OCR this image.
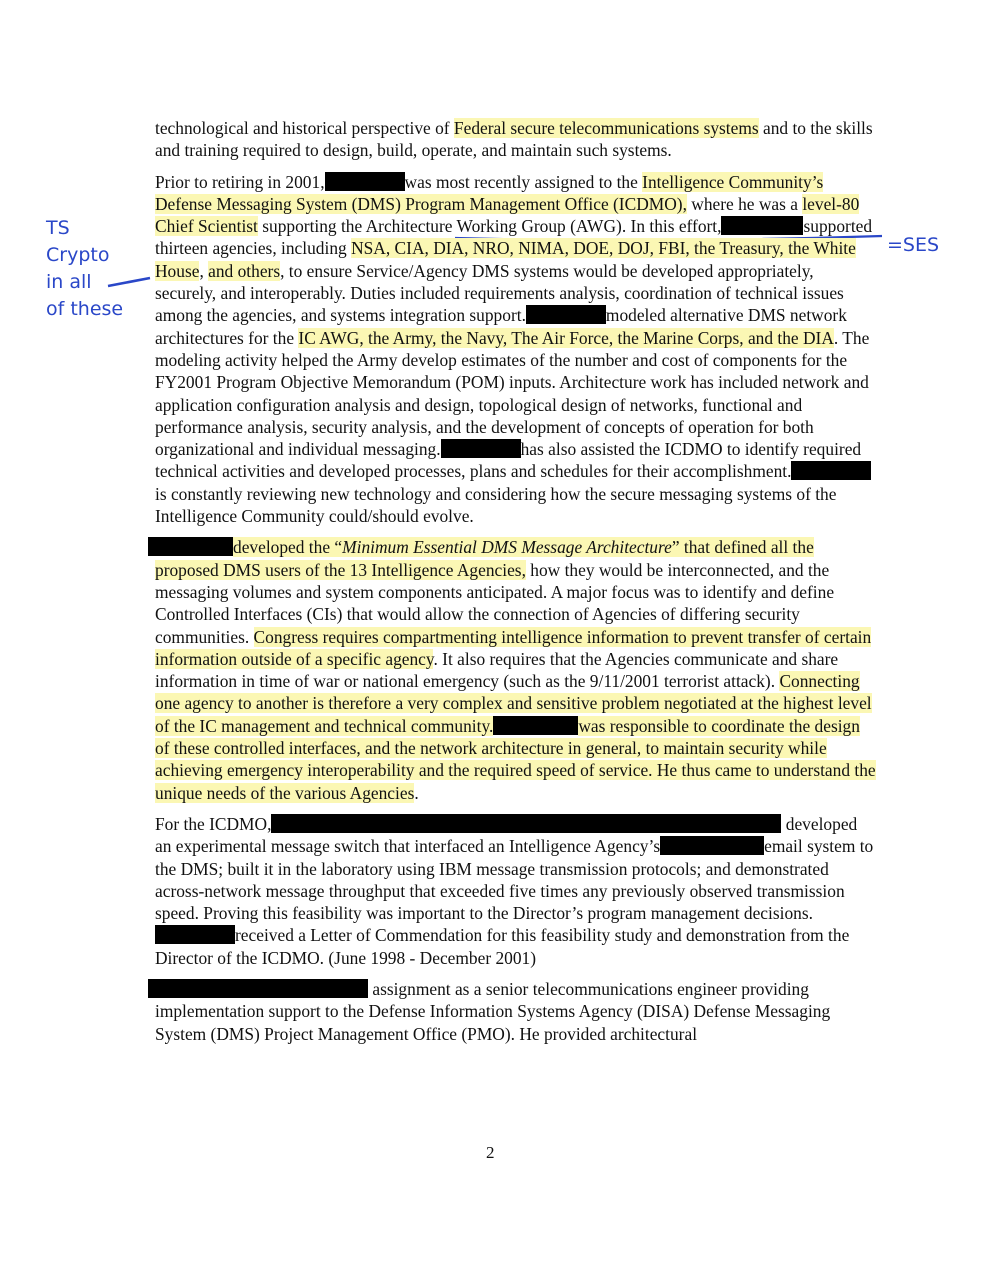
TS
Crypto
in all
of these
=SES

technological and historical perspective of Federal secure telecommunications systems and to the skills and training required to design, build, operate, and maintain such systems.

Prior to retiring in 2001,	was most recently assigned to the Intelligence Community’s Defense Messaging System (DMS) Program Management Office (ICDMO), where he was a level-80 Chief Scientist supporting the Architecture Working Group (AWG). In this effort,	supported thirteen agencies, including NSA, CIA, DIA, NRO, NIMA, DOE, DOJ, FBI, the Treasury, the White House, and others, to ensure Service/Agency DMS systems would be developed appropriately, securely, and interoperably. Duties included requirements analysis, coordination of technical issues among the agencies, and systems integration support.	modeled alternative DMS network architectures for the IC AWG, the Army, the Navy, The Air Force, the Marine Corps, and the DIA. The modeling activity helped the Army develop estimates of the number and cost of components for the FY2001 Program Objective Memorandum (POM) inputs. Architecture work has included network and application configuration analysis and design, topological design of networks, functional and performance analysis, security analysis, and the development of concepts of operation for both organizational and individual messaging.	has also assisted the ICDMO to identify required technical activities and developed processes, plans and schedules for their accomplishment. is constantly reviewing new technology and considering how the secure messaging systems of the Intelligence Community could/should evolve.

developed the “Minimum Essential DMS Message Architecture” that defined all the proposed DMS users of the 13 Intelligence Agencies, how they would be interconnected, and the messaging volumes and system components anticipated. A major focus was to identify and define Controlled Interfaces (CIs) that would allow the connection of Agencies of differing security communities. Congress requires compartmenting intelligence information to prevent transfer of certain information outside of a specific agency. It also requires that the Agencies communicate and share information in time of war or national emergency (such as the 9/11/2001 terrorist attack). Connecting one agency to another is therefore a very complex and sensitive problem negotiated at the highest level of the IC management and technical community.	was responsible to coordinate the design of these controlled interfaces, and the network architecture in general, to maintain security while achieving emergency interoperability and the required speed of service. He thus came to understand the unique needs of the various Agencies.

For the ICDMO,	developed an experimental message switch that interfaced an Intelligence Agency’s	email system to the DMS; built it in the laboratory using IBM message transmission protocols; and demonstrated across-network message throughput that exceeded five times any previously observed transmission speed. Proving this feasibility was important to the Director’s program management decisions.received a Letter of Commendation for this feasibility study and demonstration from the Director of the ICDMO. (June 1998 - December 2001)

assignment as a senior telecommunications engineer providing implementation support to the Defense Information Systems Agency (DISA) Defense Messaging System (DMS) Project Management Office (PMO). He provided architectural

2
